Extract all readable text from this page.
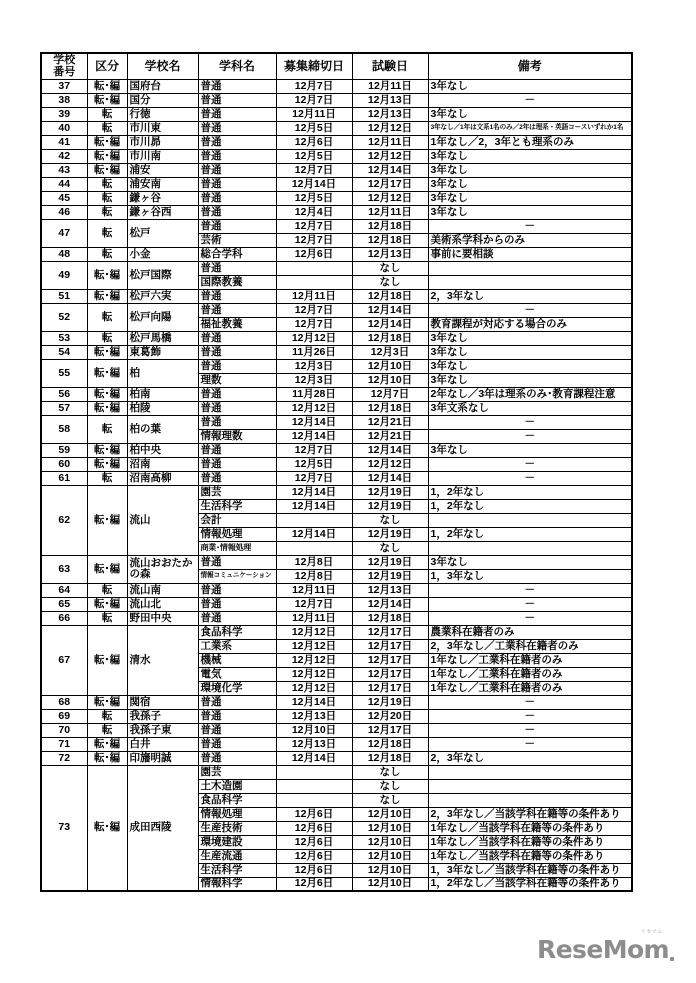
学校
番号	区分	学校名	学科名	募集締切日	試験日	備考
37	転･編	国府台	普通	12月7日	12月11日	3年なし
38	転･編	国分	普通	12月7日	12月13日	－
39	転	行徳	普通	12月11日	12月13日	3年なし
40	転	市川東	普通	12月5日	12月12日	3年なし／1年は文系1名のみ／2年は理系・英語コースいずれか1名
41	転･編	市川昴	普通	12月6日	12月11日	1年なし／2，3年とも理系のみ
42	転･編	市川南	普通	12月5日	12月12日	3年なし
43	転･編	浦安	普通	12月7日	12月14日	3年なし
44	転	浦安南	普通	12月14日	12月17日	3年なし
45	転	鎌ヶ谷	普通	12月5日	12月12日	3年なし
46	転	鎌ヶ谷西	普通	12月4日	12月11日	3年なし
47	転	松戸	普通	12月7日	12月18日	－
			芸術	12月7日	12月18日	美術系学科からのみ
48	転	小金	総合学科	12月6日	12月13日	事前に要相談
49	転･編	松戸国際	普通		なし	
			国際教養		なし	
51	転･編	松戸六実	普通	12月11日	12月18日	2，3年なし
52	転	松戸向陽	普通	12月7日	12月14日	－
			福祉教養	12月7日	12月14日	教育課程が対応する場合のみ
53	転	松戸馬橋	普通	12月12日	12月18日	3年なし
54	転･編	東葛飾	普通	11月26日	12月3日	3年なし
55	転･編	柏	普通	12月3日	12月10日	3年なし
			理数	12月3日	12月10日	3年なし
56	転･編	柏南	普通	11月28日	12月7日	2年なし／3年は理系のみ･教育課程注意
57	転･編	柏陵	普通	12月12日	12月18日	3年文系なし
58	転	柏の葉	普通	12月14日	12月21日	－
			情報理数	12月14日	12月21日	－
59	転･編	柏中央	普通	12月7日	12月14日	3年なし
60	転･編	沼南	普通	12月5日	12月12日	－
61	転	沼南高柳	普通	12月7日	12月14日	－
62	転･編	流山	園芸	12月14日	12月19日	1，2年なし
			生活科学	12月14日	12月19日	1，2年なし
			会計		なし	
			情報処理	12月14日	12月19日	1，2年なし
			商業･情報処理		なし	
63	転･編	流山おおたかの森	普通	12月8日	12月19日	3年なし
			情報コミュニケーション	12月8日	12月19日	1，3年なし
64	転	流山南	普通	12月11日	12月13日	－
65	転･編	流山北	普通	12月7日	12月14日	－
66	転	野田中央	普通	12月11日	12月18日	－
67	転･編	清水	食品科学	12月12日	12月17日	農業科在籍者のみ
			工業系	12月12日	12月17日	2，3年なし／工業科在籍者のみ
			機械	12月12日	12月17日	1年なし／工業科在籍者のみ
			電気	12月12日	12月17日	1年なし／工業科在籍者のみ
			環境化学	12月12日	12月17日	1年なし／工業科在籍者のみ
68	転･編	関宿	普通	12月14日	12月19日	－
69	転	我孫子	普通	12月13日	12月20日	－
70	転	我孫子東	普通	12月10日	12月17日	－
71	転･編	白井	普通	12月13日	12月18日	－
72	転･編	印旛明誠	普通	12月14日	12月18日	2，3年なし
73	転･編	成田西陵	園芸		なし	
			土木造園		なし	
			食品科学		なし	
			情報処理	12月6日	12月10日	2，3年なし／当該学科在籍等の条件あり
			生産技術	12月6日	12月10日	1年なし／当該学科在籍等の条件あり
			環境建設	12月6日	12月10日	1年なし／当該学科在籍等の条件あり
			生産流通	12月6日	12月10日	1年なし／当該学科在籍等の条件あり
			生活科学	12月6日	12月10日	1，3年なし／当該学科在籍等の条件あり
			情報科学	12月6日	12月10日	1，2年なし／当該学科在籍等の条件あり
リセマム
ReseMom
